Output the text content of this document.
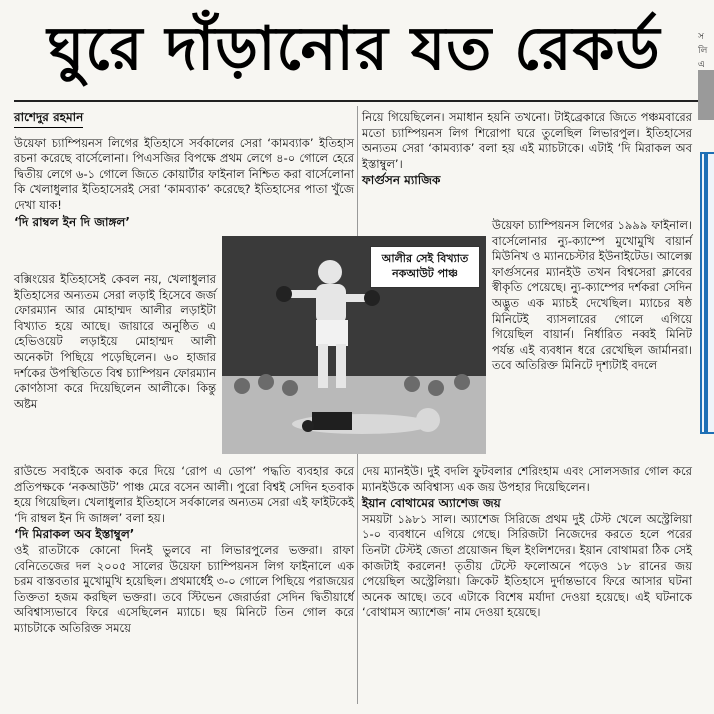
ঘুরে দাঁড়ানোর যত রেকর্ড	স
লি
এ
রাশেদুর রহমান

উয়েফা চ্যাম্পিয়নস লিগের ইতিহাসে সর্বকালের সেরা ‘কামব্যাক’ ইতিহাস রচনা করেছে বার্সেলোনা। পিএসজির বিপক্ষে প্রথম লেগে ৪-০ গোলে হেরে দ্বিতীয় লেগে ৬-১ গোলে জিতে কোয়ার্টার ফাইনাল নিশ্চিত করা বার্সেলোনা কি খেলাধুলার ইতিহাসেরই সেরা ‘কামব্যাক’ করেছে? ইতিহাসের পাতা খুঁজে দেখা যাক!

‘দি রাম্বল ইন দি জাঙ্গল’

বক্সিংয়ের ইতিহাসেই কেবল নয়, খেলাধুলার ইতিহাসের অন্যতম সেরা লড়াই হিসেবে জর্জ ফোরম্যান আর মোহাম্মদ আলীর লড়াইটা বিখ্যাত হয়ে আছে। জায়ারে অনুষ্ঠিত এ হেভিওয়েট লড়াইয়ে মোহাম্মদ আলী অনেকটা পিছিয়ে পড়েছিলেন। ৬০ হাজার দর্শকের উপস্থিতিতে বিশ্ব চ্যাম্পিয়ন ফোরম্যান কোণঠাসা করে দিয়েছিলেন আলীকে। কিন্তু অষ্টম

রাউন্ডে সবাইকে অবাক করে দিয়ে ‘রোপ এ ডোপ’ পদ্ধতি ব্যবহার করে প্রতিপক্ষকে ‘নকআউট’ পাঞ্চ মেরে বসেন আলী। পুরো বিশ্বই সেদিন হতবাক হয়ে গিয়েছিল। খেলাধুলার ইতিহাসে সর্বকালের অন্যতম সেরা এই ফাইটকেই ‘দি রাম্বল ইন দি জাঙ্গল’ বলা হয়।

‘দি মিরাকল অব ইস্তাম্বুল’

ওই রাতটাকে কোনো দিনই ভুলবে না লিভারপুলের ভক্তরা। রাফা বেনিতেজের দল ২০০৫ সালের উয়েফা চ্যাম্পিয়নস লিগ ফাইনালে এক চরম বাস্তবতার মুখোমুখি হয়েছিল। প্রথমার্ধেই ৩-০ গোলে পিছিয়ে পরাজয়ের তিক্ততা হজম করছিল ভক্তরা। তবে স্টিভেন জেরার্ডরা সেদিন দ্বিতীয়ার্ধে অবিশ্বাস্যভাবে ফিরে এসেছিলেন ম্যাচে। ছয় মিনিটে তিন গোল করে ম্যাচটাকে অতিরিক্ত সময়ে

নিয়ে গিয়েছিলেন। সমাধান হয়নি তখনো। টাইব্রেকারে জিতে পঞ্চমবারের মতো চ্যাম্পিয়নস লিগ শিরোপা ঘরে তুলেছিল লিভারপুল। ইতিহাসের অন্যতম সেরা ‘কামব্যাক’ বলা হয় এই ম্যাচটাকে। এটাই ‘দি মিরাকল অব ইস্তাম্বুল’।

ফার্গুসন ম্যাজিক

উয়েফা চ্যাম্পিয়নস লিগের ১৯৯৯ ফাইনাল। বার্সেলোনার ন্যু-ক্যাম্পে মুখোমুখি বায়ার্ন মিউনিখ ও ম্যানচেস্টার ইউনাইটেড। আলেক্স ফার্গুসনের ম্যানইউ তখন বিশ্বসেরা ক্লাবের স্বীকৃতি পেয়েছে। ন্যু-ক্যাম্পের দর্শকরা সেদিন অদ্ভুত এক ম্যাচই দেখেছিল। ম্যাচের ষষ্ঠ মিনিটেই ব্যাসলারের গোলে এগিয়ে গিয়েছিল বায়ার্ন। নির্ধারিত নব্বই মিনিট পর্যন্ত এই ব্যবধান ধরে রেখেছিল জার্মানরা। তবে অতিরিক্ত মিনিটে দৃশ্যটাই বদলে

দেয় ম্যানইউ। দুই বদলি ফুটবলার শেরিংহাম এবং সোলসজার গোল করে ম্যানইউকে অবিশ্বাস্য এক জয় উপহার দিয়েছিলেন।

ইয়ান বোথামের অ্যাশেজ জয়

সময়টা ১৯৮১ সাল। অ্যাশেজ সিরিজে প্রথম দুই টেস্ট খেলে অস্ট্রেলিয়া ১-০ ব্যবধানে এগিয়ে গেছে। সিরিজটা নিজেদের করতে হলে পরের তিনটা টেস্টই জেতা প্রয়োজন ছিল ইংলিশদের। ইয়ান বোথামরা ঠিক সেই কাজটাই করলেন! তৃতীয় টেস্টে ফলোঅনে পড়েও ১৮ রানের জয় পেয়েছিল অস্ট্রেলিয়া। ক্রিকেট ইতিহাসে দুর্দান্তভাবে ফিরে আসার ঘটনা অনেক আছে। তবে এটাকে বিশেষ মর্যাদা দেওয়া হয়েছে। এই ঘটনাকে ‘বোথামস অ্যাশেজ’ নাম দেওয়া হয়েছে।

আলীর সেই বিখ্যাত নকআউট পাঞ্চ
